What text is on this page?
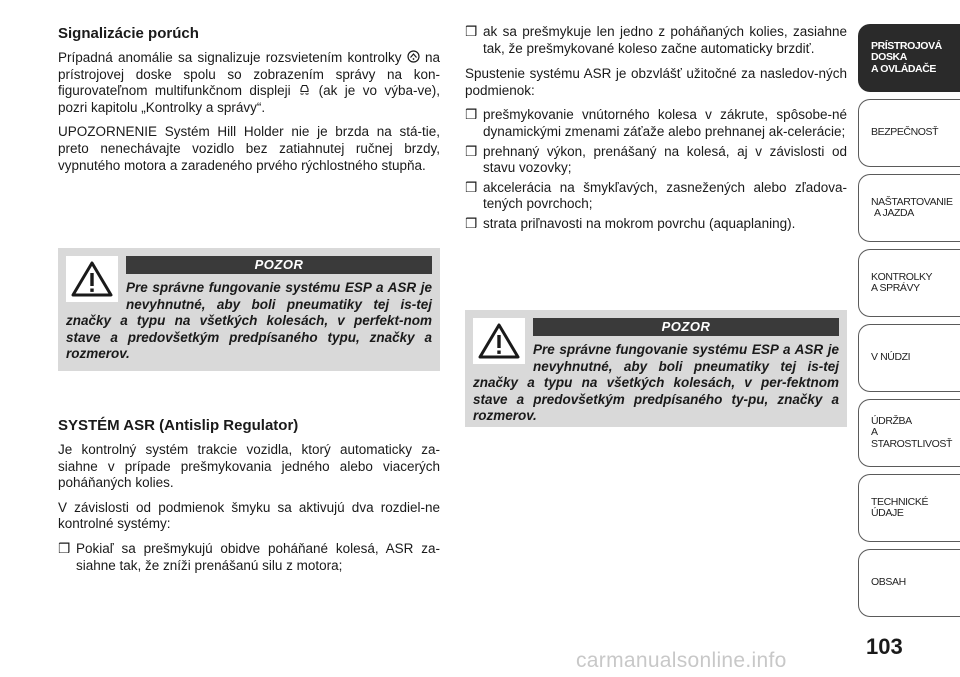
Signalizácie porúch
Prípadná anomálie sa signalizuje rozsvietením kontrolky  na prístrojovej doske spolu so zobrazením správy na kon-figurovateľnom multifunkčnom displeji  (ak je vo výba-ve), pozri kapitolu „Kontrolky a správy“.
UPOZORNENIE Systém Hill Holder nie je brzda na stá-tie, preto nenechávajte vozidlo bez zatiahnutej ručnej brzdy, vypnutého motora a zaradeného prvého rýchlostného stupňa.
POZOR
Pre správne fungovanie systému ESP a ASR je nevyhnutné, aby boli pneumatiky tej is-tej značky a typu na všetkých kolesách, v perfekt-nom stave a predovšetkým predpísaného typu, značky a rozmerov.
SYSTÉM ASR (Antislip Regulator)
Je kontrolný systém trakcie vozidla, ktorý automaticky za-siahne v prípade prešmykovania jedného alebo viacerých poháňaných kolies.
V závislosti od podmienok šmyku sa aktivujú dva rozdiel-ne kontrolné systémy:
❒ Pokiaľ sa prešmykujú obidve poháňané kolesá, ASR za-siahne tak, že zníži prenášanú silu z motora;
❒ ak sa prešmykuje len jedno z poháňaných kolies, zasiahne tak, že prešmykované koleso začne automaticky brzdiť.
Spustenie systému ASR je obzvlášť užitočné za nasledov-ných podmienok:
❒ prešmykovanie vnútorného kolesa v zákrute, spôsobe-né dynamickými zmenami záťaže alebo prehnanej ak-celerácie;
❒ prehnaný výkon, prenášaný na kolesá, aj v závislosti od stavu vozovky;
❒ akcelerácia na šmykľavých, zasnežených alebo zľadova-tených povrchoch;
❒ strata priľnavosti na mokrom povrchu (aquaplaning).
POZOR
Pre správne fungovanie systému ESP a ASR je nevyhnutné, aby boli pneumatiky tej is-tej značky a typu na všetkých kolesách, v per-fektnom stave a predovšetkým predpísaného ty-pu, značky a rozmerov.
PRÍSTROJOVÁ
DOSKA
A OVLÁDAČE
BEZPEČNOSŤ
NAŠTARTOVANIE
A JAZDA
KONTROLKY
A SPRÁVY
V NÚDZI
ÚDRŽBA
A STAROSTLIVOSŤ
TECHNICKÉ ÚDAJE
OBSAH
103
carmanualsonline.info
